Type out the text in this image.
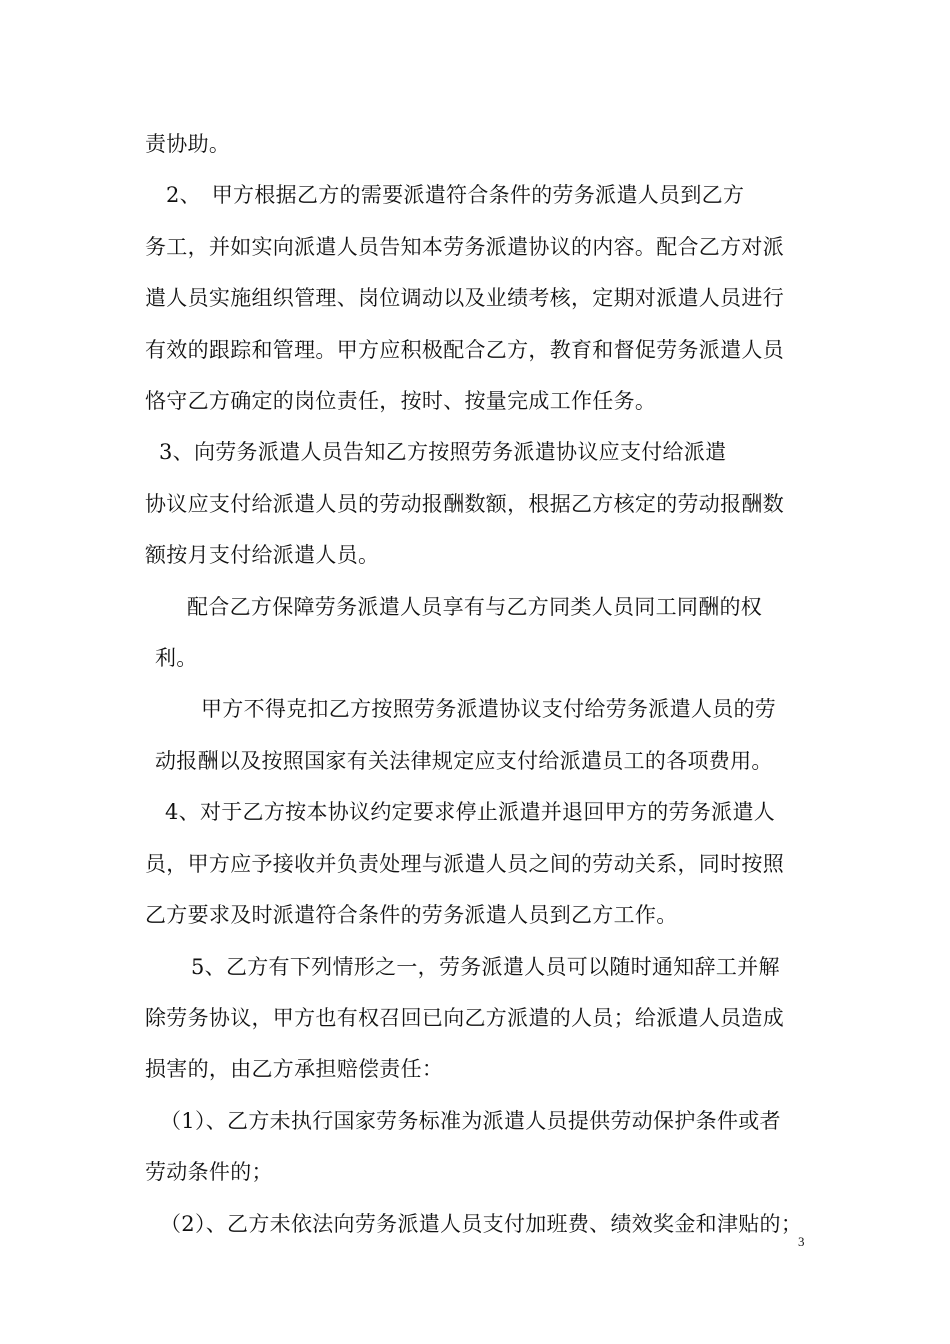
责协助。
2、　甲方根据乙方的需要派遣符合条件的劳务派遣人员到乙方
务工，并如实向派遣人员告知本劳务派遣协议的内容。配合乙方对派
遣人员实施组织管理、岗位调动以及业绩考核，定期对派遣人员进行
有效的跟踪和管理。甲方应积极配合乙方，教育和督促劳务派遣人员
恪守乙方确定的岗位责任，按时、按量完成工作任务。
3、向劳务派遣人员告知乙方按照劳务派遣协议应支付给派遣
协议应支付给派遣人员的劳动报酬数额，根据乙方核定的劳动报酬数
额按月支付给派遣人员。
配合乙方保障劳务派遣人员享有与乙方同类人员同工同酬的权
利。
甲方不得克扣乙方按照劳务派遣协议支付给劳务派遣人员的劳
动报酬以及按照国家有关法律规定应支付给派遣员工的各项费用。
4、对于乙方按本协议约定要求停止派遣并退回甲方的劳务派遣人
员，甲方应予接收并负责处理与派遣人员之间的劳动关系，同时按照
乙方要求及时派遣符合条件的劳务派遣人员到乙方工作。
5、乙方有下列情形之一，劳务派遣人员可以随时通知辞工并解
除劳务协议，甲方也有权召回已向乙方派遣的人员；给派遣人员造成
损害的，由乙方承担赔偿责任：
（1）、乙方未执行国家劳务标准为派遣人员提供劳动保护条件或者
劳动条件的；
（2）、乙方未依法向劳务派遣人员支付加班费、绩效奖金和津贴的；
3
